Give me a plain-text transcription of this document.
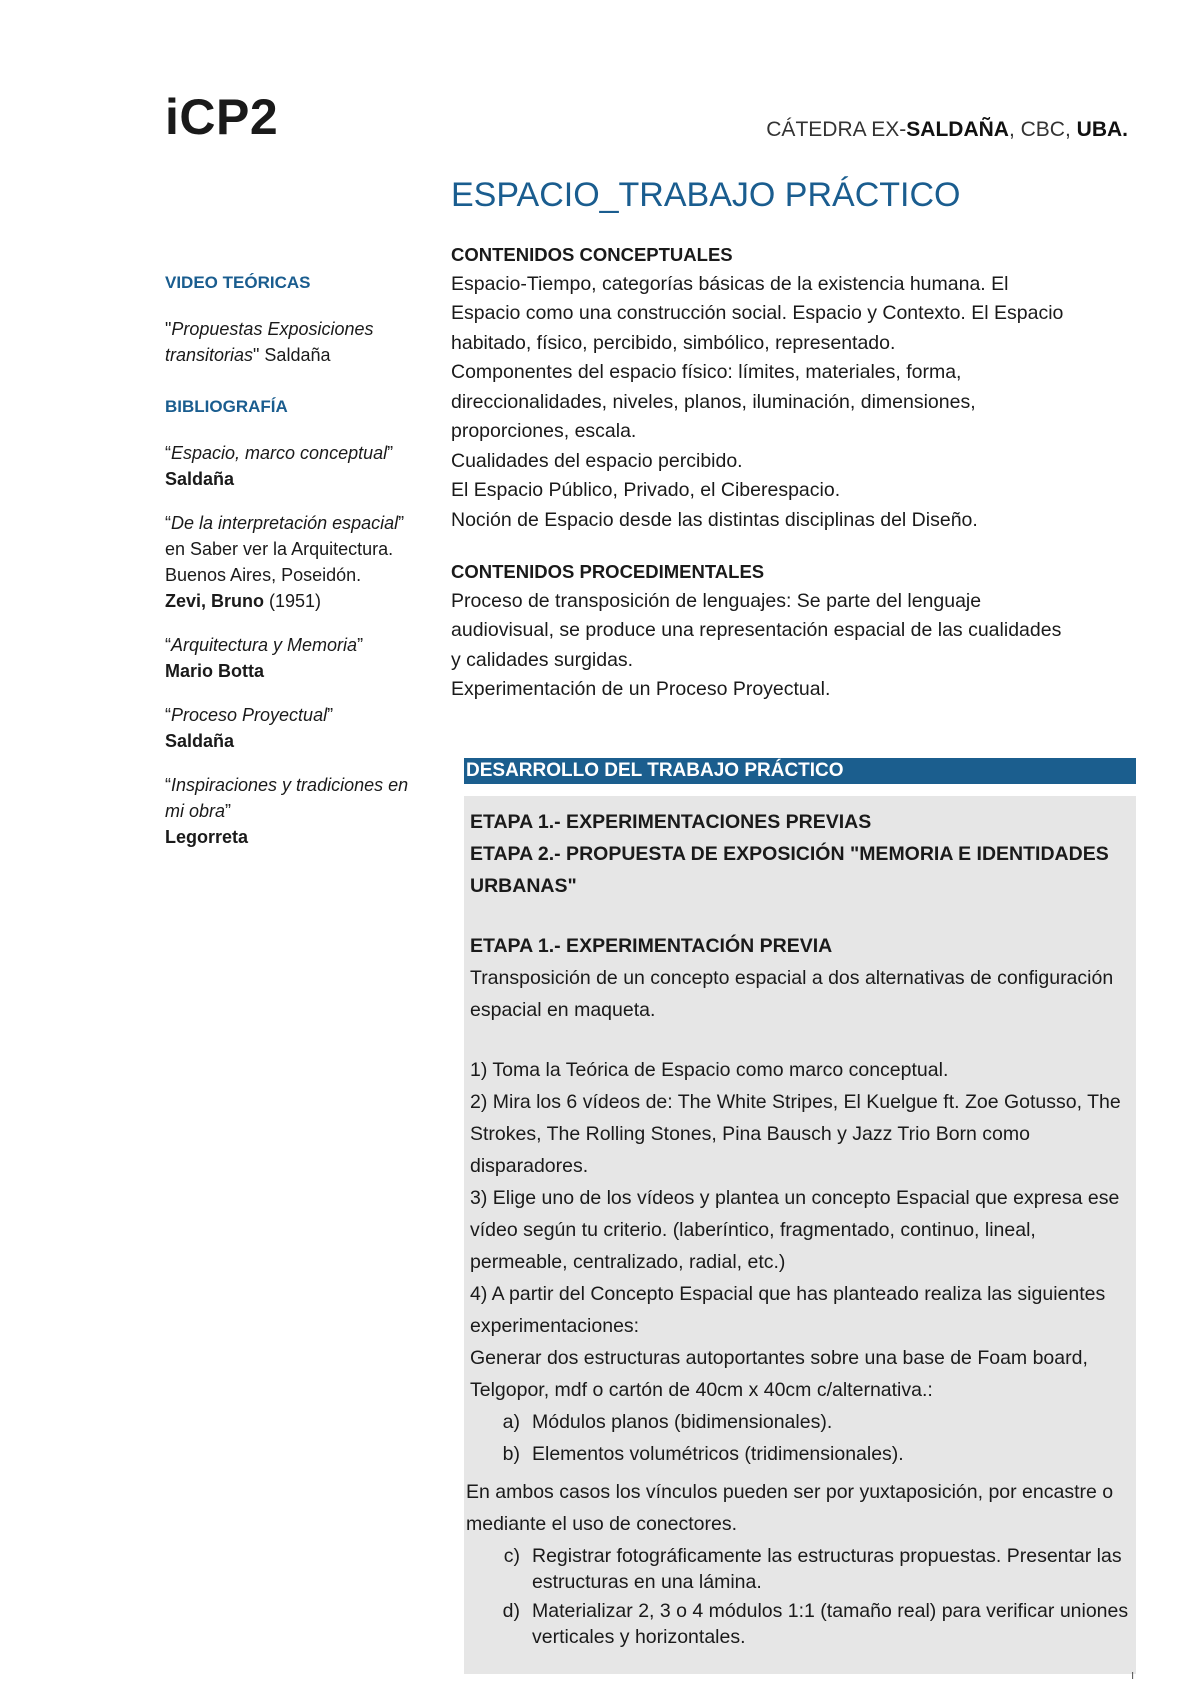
iCP2	CÁTEDRA EX-SALDAÑA, CBC, UBA.
ESPACIO_TRABAJO PRÁCTICO
VIDEO TEÓRICAS
"Propuestas Exposiciones transitorias" Saldaña
BIBLIOGRAFÍA
“Espacio, marco conceptual”
Saldaña
“De la interpretación espacial” en Saber ver la Arquitectura. Buenos Aires, Poseidón.
Zevi, Bruno (1951)
“Arquitectura y Memoria”
Mario Botta
“Proceso Proyectual”
Saldaña
“Inspiraciones y tradiciones en mi obra”
Legorreta
CONTENIDOS CONCEPTUALES

Espacio-Tiempo, categorías básicas de la existencia humana. El Espacio como una construcción social. Espacio y Contexto. El Espacio habitado, físico, percibido, simbólico, representado.

Componentes del espacio físico: límites, materiales, forma, direccionalidades, niveles, planos, iluminación, dimensiones, proporciones, escala.

Cualidades del espacio percibido.

El Espacio Público, Privado, el Ciberespacio.

Noción de Espacio desde las distintas disciplinas del Diseño.

CONTENIDOS PROCEDIMENTALES

Proceso de transposición de lenguajes: Se parte del lenguaje audiovisual, se produce una representación espacial de las cualidades y calidades surgidas.

Experimentación de un Proceso Proyectual.

DESARROLLO DEL TRABAJO PRÁCTICO
ETAPA 1.- EXPERIMENTACIONES PREVIAS
ETAPA 2.- PROPUESTA DE EXPOSICIÓN "MEMORIA E IDENTIDADES URBANAS"
ETAPA 1.- EXPERIMENTACIÓN PREVIA
Transposición de un concepto espacial a dos alternativas de configuración espacial en maqueta.
1) Toma la Teórica de Espacio como marco conceptual.
2) Mira los 6 vídeos de: The White Stripes, El Kuelgue ft. Zoe Gotusso, The Strokes, The Rolling Stones, Pina Bausch y Jazz Trio Born como disparadores.
3) Elige uno de los vídeos y plantea un concepto Espacial que expresa ese vídeo según tu criterio. (laberíntico, fragmentado, continuo, lineal, permeable, centralizado, radial, etc.)
4) A partir del Concepto Espacial que has planteado realiza las siguientes experimentaciones:
Generar dos estructuras autoportantes sobre una base de Foam board, Telgopor, mdf o cartón de 40cm x 40cm c/alternativa.:
a) Módulos planos (bidimensionales).
b) Elementos volumétricos (tridimensionales).
En ambos casos los vínculos pueden ser por yuxtaposición, por encastre o mediante el uso de conectores.
c) Registrar fotográficamente las estructuras propuestas. Presentar las estructuras en una lámina.
d) Materializar 2, 3 o 4 módulos 1:1 (tamaño real) para verificar uniones verticales y horizontales.
I
